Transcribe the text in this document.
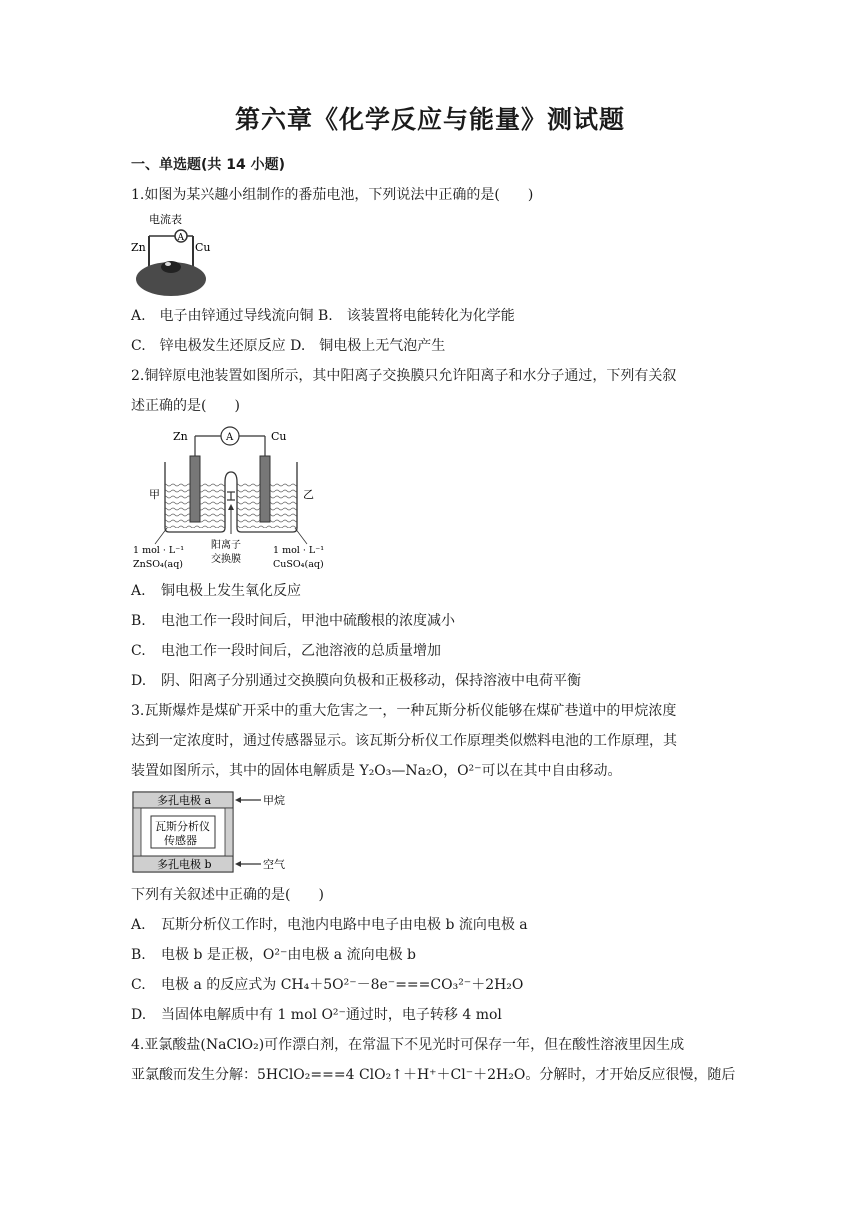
第六章《化学反应与能量》测试题
一、单选题(共 14 小题)
1.如图为某兴趣小组制作的番茄电池，下列说法中正确的是(　　)
电流表
A
Zn	Cu
A.　电子由锌通过导线流向铜 B.　该装置将电能转化为化学能
C.　锌电极发生还原反应 D.　铜电极上无气泡产生
2.铜锌原电池装置如图所示，其中阳离子交换膜只允许阳离子和水分子通过，下列有关叙
述正确的是(　　)
Zn	Cu
A
甲	乙
1 mol · L⁻¹
ZnSO₄(aq)
阳离子
交换膜
1 mol · L⁻¹
CuSO₄(aq)
A. 铜电极上发生氧化反应
B. 电池工作一段时间后，甲池中硫酸根的浓度减小
C. 电池工作一段时间后，乙池溶液的总质量增加
D. 阴、阳离子分别通过交换膜向负极和正极移动，保持溶液中电荷平衡
3.瓦斯爆炸是煤矿开采中的重大危害之一，一种瓦斯分析仪能够在煤矿巷道中的甲烷浓度
达到一定浓度时，通过传感器显示。该瓦斯分析仪工作原理类似燃料电池的工作原理，其
装置如图所示，其中的固体电解质是 Y₂O₃—Na₂O，O²⁻可以在其中自由移动。
多孔电极 a
瓦斯分析仪
传感器
多孔电极 b
甲烷
空气
下列有关叙述中正确的是(　　)
A. 瓦斯分析仪工作时，电池内电路中电子由电极 b 流向电极 a
B. 电极 b 是正极，O²⁻由电极 a 流向电极 b
C. 电极 a 的反应式为 CH₄＋5O²⁻－8e⁻===CO₃²⁻＋2H₂O
D. 当固体电解质中有 1 mol O²⁻通过时，电子转移 4 mol
4.亚氯酸盐(NaClO₂)可作漂白剂，在常温下不见光时可保存一年，但在酸性溶液里因生成
亚氯酸而发生分解：5HClO₂===4 ClO₂↑＋H⁺＋Cl⁻＋2H₂O。分解时，才开始反应很慢，随后
